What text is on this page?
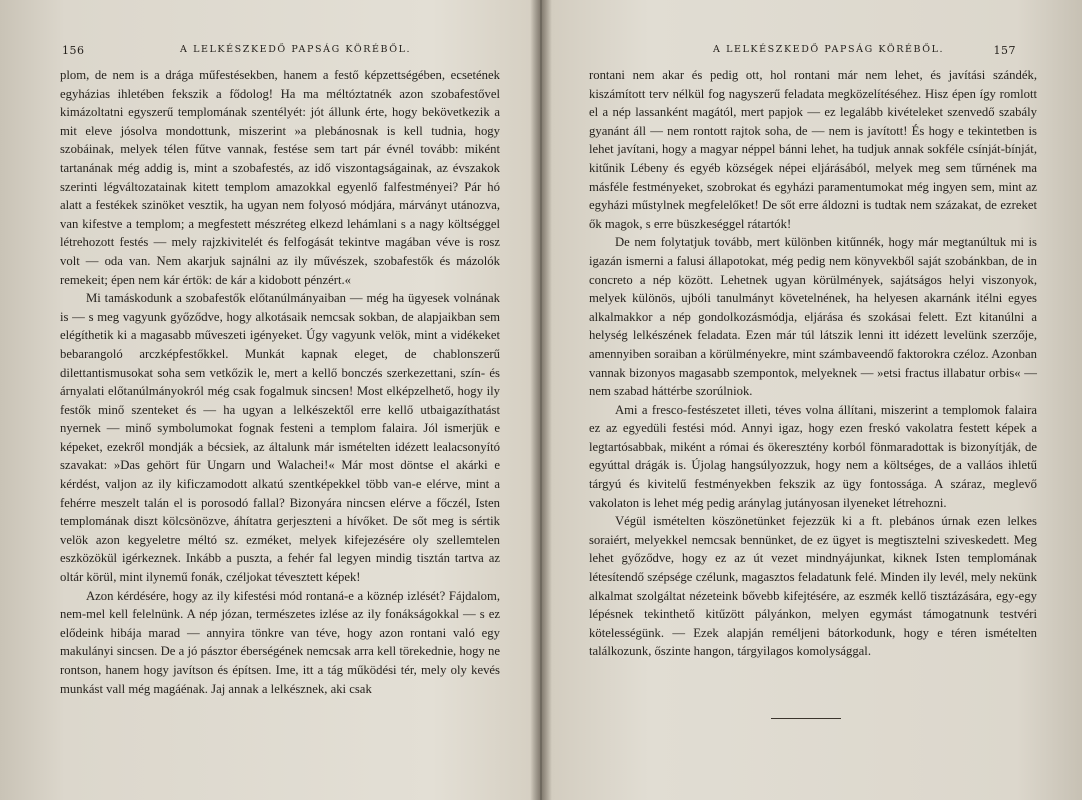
156	A LELKÉSZKEDŐ PAPSÁG KÖRÉBŐL.

plom, de nem is a drága műfestésekben, hanem a festő képzettségében, ecsetének egyházias ihletében fekszik a fődolog! Ha ma méltóztatnék azon szobafestővel kimázoltatni egyszerű templomának szentélyét: jót állunk érte, hogy bekövetkezik a mit eleve jósolva mondottunk, miszerint »a plebánosnak is kell tudnia, hogy szobáinak, melyek télen fűtve vannak, festése sem tart pár évnél tovább: miként tartanának még addig is, mint a szobafestés, az idő viszontagságainak, az évszakok szerinti légváltozatainak kitett templom amazokkal egyenlő falfestményei? Pár hó alatt a festékek szinöket vesztik, ha ugyan nem folyosó módjára, márványt utánozva, van kifestve a templom; a megfestett mészréteg elkezd lehámlani s a nagy költséggel létrehozott festés — mely rajzkivitelét és felfogását tekintve magában véve is rosz volt — oda van. Nem akarjuk sajnálni az ily művészek, szobafestők és mázolók remekeit; épen nem kár értök: de kár a kidobott pénzért.«

Mi tamáskodunk a szobafestők előtanúlmányaiban — még ha ügyesek volnának is — s meg vagyunk győződve, hogy alkotásaik nemcsak sokban, de alapjaikban sem elégíthetik ki a magasabb műveszeti igényeket. Úgy vagyunk velök, mint a vidékeket bebarangoló arczképfestőkkel. Munkát kapnak eleget, de chablonszerű dilettantismusokat soha sem vetkőzik le, mert a kellő bonczés szerkezettani, szín- és árnyalati előtanúlmányokról még csak fogalmuk sincsen! Most elképzelhető, hogy ily festők minő szenteket és — ha ugyan a lelkészektől erre kellő utbaigazíthatást nyernek — minő symbolumokat fognak festeni a templom falaira. Jól ismerjük e képeket, ezekről mondják a bécsiek, az általunk már ismételten idézett lealacsonyító szavakat: »Das gehört für Ungarn und Walachei!« Már most döntse el akárki e kérdést, valjon az ily kificzamodott alkatú szentképekkel több van-e elérve, mint a fehérre meszelt talán el is porosodó fallal? Bizonyára nincsen elérve a főczél, Isten templomának diszt kölcsönözve, áhítatra gerjeszteni a hívőket. De sőt meg is sértik velök azon kegyeletre méltó sz. ezméket, melyek kifejezésére oly szellemtelen eszközökül igérkeznek. Inkább a puszta, a fehér fal legyen mindig tisztán tartva az oltár körül, mint ilynemű fonák, czéljokat tévesztett képek!

Azon kérdésére, hogy az ily kifestési mód rontaná-e a köznép izlését? Fájdalom, nem-mel kell felelnünk. A nép józan, természetes izlése az ily fonákságokkal — s ez elődeink hibája marad — annyira tönkre van téve, hogy azon rontani való egy makulányi sincsen. De a jó pásztor éberségének nemcsak arra kell törekednie, hogy ne rontson, hanem hogy javítson és építsen. Ime, itt a tág működési tér, mely oly kevés munkást vall még magáénak. Jaj annak a lelkésznek, aki csak

A LELKÉSZKEDŐ PAPSÁG KÖRÉBŐL.	157

rontani nem akar és pedig ott, hol rontani már nem lehet, és javítási szándék, kiszámított terv nélkül fog nagyszerű feladata megközelítéséhez. Hisz épen így romlott el a nép lassanként magától, mert papjok — ez legalább kivételeket szenvedő szabály gyanánt áll — nem rontott rajtok soha, de — nem is javított! És hogy e tekintetben is lehet javítani, hogy a magyar néppel bánni lehet, ha tudjuk annak sokféle csínját-bínját, kitűnik Lébeny és egyéb községek népei eljárásából, melyek meg sem tűrnének ma másféle festményeket, szobrokat és egyházi paramentumokat még ingyen sem, mint az egyházi műstylnek megfelelőket! De sőt erre áldozni is tudtak nem százakat, de ezreket ők magok, s erre büszkeséggel rátartók!

De nem folytatjuk tovább, mert különben kitűnnék, hogy már megtanúltuk mi is igazán ismerni a falusi állapotokat, még pedig nem könyvekből saját szobánkban, de in concreto a nép között. Lehetnek ugyan körülmények, sajátságos helyi viszonyok, melyek különös, ujbóli tanulmányt követelnének, ha helyesen akarnánk itélni egyes alkalmakkor a nép gondolkozásmódja, eljárása és szokásai felett. Ezt kitanúlni a helység lelkészének feladata. Ezen már túl látszik lenni itt idézett levelünk szerzője, amennyiben soraiban a körülményekre, mint számbaveendő faktorokra czéloz. Azonban vannak bizonyos magasabb szempontok, melyeknek — »etsi fractus illabatur orbis« — nem szabad háttérbe szorúlniok.

Ami a fresco-festészetet illeti, téves volna állítani, miszerint a templomok falaira ez az egyedüli festési mód. Annyi igaz, hogy ezen freskó vakolatra festett képek a legtartósabbak, miként a római és ökeresztény korból fönmaradottak is bizonyítják, de egyúttal drágák is. Újolag hangsúlyozzuk, hogy nem a költséges, de a valláos ihletű tárgyú és kivitelű festményekben fekszik az ügy fontossága. A száraz, meglevő vakolaton is lehet még pedig aránylag jutányosan ilyeneket létrehozni.

Végül ismételten köszönetünket fejezzük ki a ft. plebános úrnak ezen lelkes soraiért, melyekkel nemcsak bennünket, de ez ügyet is megtisztelni sziveskedett. Meg lehet győződve, hogy ez az út vezet mindnyájunkat, kiknek Isten templomának létesítendő szépsége czélunk, magasztos feladatunk felé. Minden ily levél, mely nekünk alkalmat szolgáltat nézeteink bővebb kifejtésére, az eszmék kellő tisztázására, egy-egy lépésnek tekinthető kitűzött pályánkon, melyen egymást támogatnunk testvéri kötelességünk. — Ezek alapján reméljeni bátorkodunk, hogy e téren ismételten találkozunk, őszinte hangon, tárgyilagos komolysággal.
